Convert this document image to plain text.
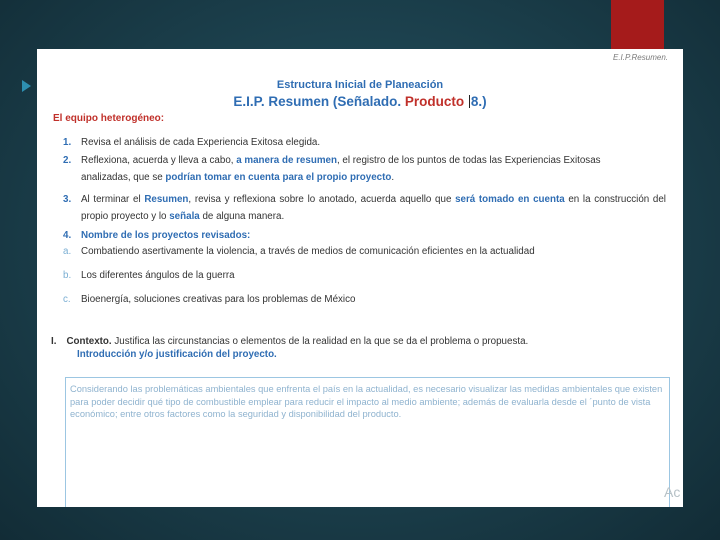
E.I.P.Resumen.
Estructura Inicial de Planeación
E.I.P. Resumen (Señalado. Producto 8.)
El equipo heterogéneo:
1. Revisa el análisis de cada Experiencia Exitosa elegida.
2. Reflexiona, acuerda y lleva a cabo, a manera de resumen, el registro de los puntos de todas las Experiencias Exitosas
analizadas, que se podrían tomar en cuenta para el propio proyecto.
3. Al terminar el Resumen, revisa y reflexiona sobre lo anotado, acuerda aquello que será tomado en cuenta en la construcción del propio proyecto y lo señala de alguna manera.
4. Nombre de los proyectos revisados:
a. Combatiendo asertivamente la violencia, a través de medios de comunicación eficientes en la actualidad
b. Los diferentes ángulos de la guerra
c. Bioenergía, soluciones creativas para los problemas de México
I. Contexto. Justifica las circunstancias o elementos de la realidad en la que se da el problema o propuesta.
Introducción y/o justificación del proyecto.
Considerando las problemáticas ambientales que enfrenta el país en la actualidad, es necesario visualizar las medidas ambientales que existen para poder decidir qué tipo de combustible emplear para reducir el impacto al medio ambiente; además de evaluarla desde el ´punto de vista económico; entre otros factores como la seguridad y disponibilidad del producto.
Ac
